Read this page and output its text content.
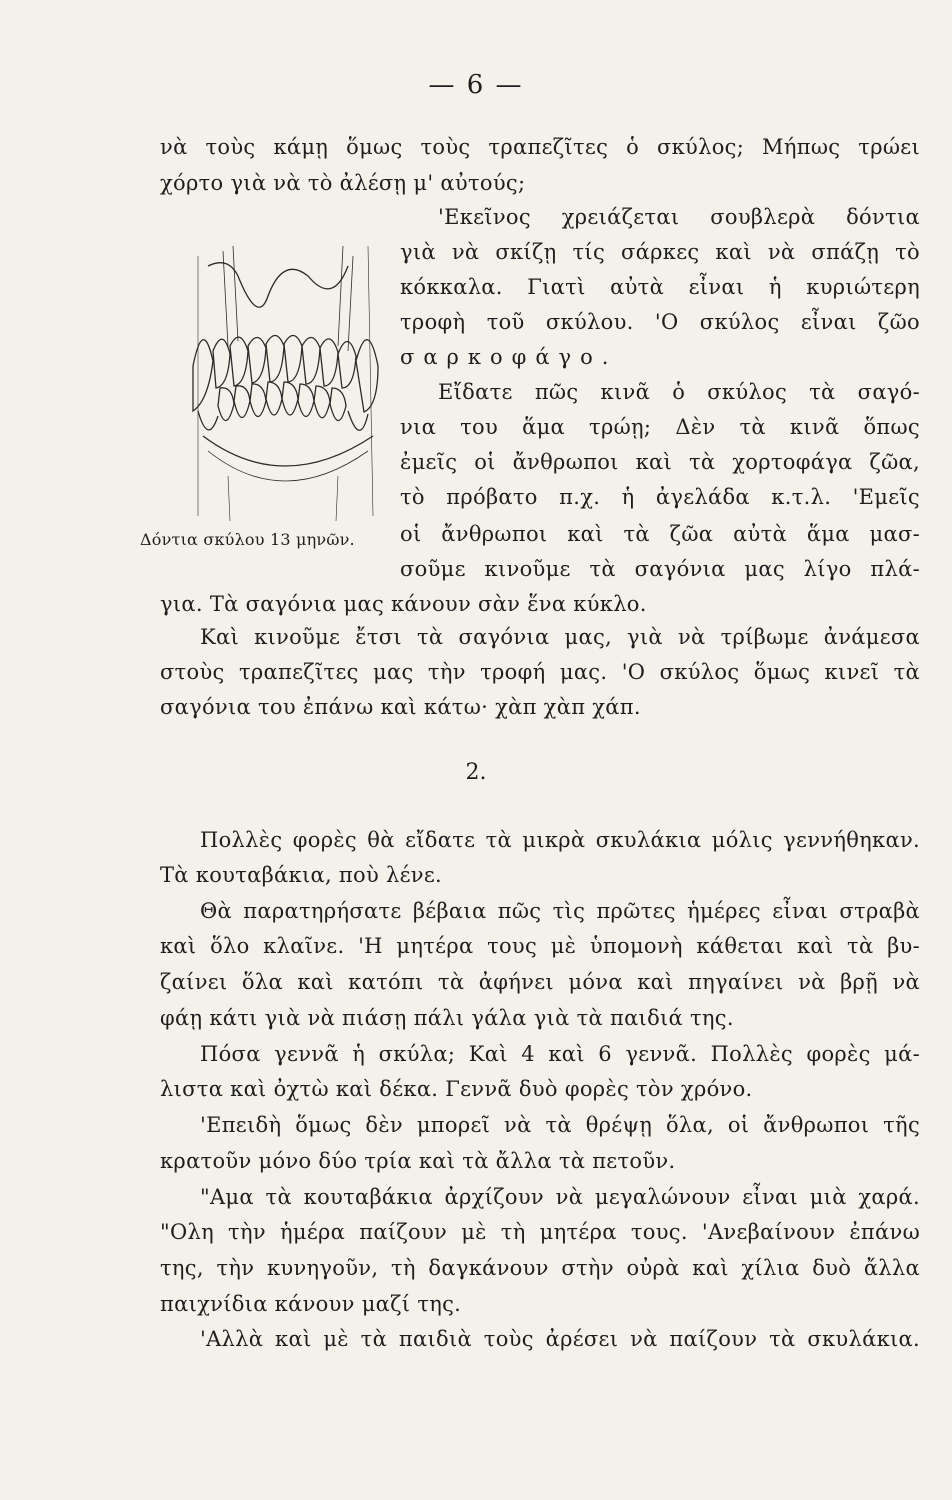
— 6 —
νὰ τοὺς κάμῃ ὅμως τοὺς τραπεζῖτες ὁ σκύλος; Μήπως τρώει
χόρτο γιὰ νὰ τὸ ἀλέσῃ μ' αὐτούς;
'Εκεῖνος χρειάζεται σουβλερὰ δόντια
γιὰ νὰ σκίζῃ τίς σάρκες καὶ νὰ σπάζῃ τὸ
κόκκαλα. Γιατὶ αὐτὰ εἶναι ἡ κυριώτερη
τροφὴ τοῦ σκύλου. 'Ο σκύλος εἶναι ζῶο
σαρκοφάγο.
Εἴδατε πῶς κινᾶ ὁ σκύλος τὰ σαγό-
νια του ἅμα τρώῃ; Δὲν τὰ κινᾶ ὅπως
ἐμεῖς οἱ ἄνθρωποι καὶ τὰ χορτοφάγα ζῶα,
τὸ πρόβατο π.χ. ἡ ἀγελάδα κ.τ.λ. 'Εμεῖς
οἱ ἄνθρωποι καὶ τὰ ζῶα αὐτὰ ἅμα μασ-
σοῦμε κινοῦμε τὰ σαγόνια μας λίγο πλά-
για. Τὰ σαγόνια μας κάνουν σὰν ἕνα κύκλο.
Δόντια σκύλου 13 μηνῶν.
Καὶ κινοῦμε ἔτσι τὰ σαγόνια μας, γιὰ νὰ τρίβωμε ἀνάμεσα
στοὺς τραπεζῖτες μας τὴν τροφή μας. 'Ο σκύλος ὅμως κινεῖ τὰ
σαγόνια του ἐπάνω καὶ κάτω· χὰπ χὰπ χάπ.
2.
Πολλὲς φορὲς θὰ εἴδατε τὰ μικρὰ σκυλάκια μόλις γεννήθηκαν.
Τὰ κουταβάκια, ποὺ λένε.
Θὰ παρατηρήσατε βέβαια πῶς τὶς πρῶτες ἡμέρες εἶναι στραβὰ
καὶ ὅλο κλαῖνε. 'Η μητέρα τους μὲ ὑπομονὴ κάθεται καὶ τὰ βυ-
ζαίνει ὅλα καὶ κατόπι τὰ ἀφήνει μόνα καὶ πηγαίνει νὰ βρῇ νὰ
φάῃ κάτι γιὰ νὰ πιάσῃ πάλι γάλα γιὰ τὰ παιδιά της.
Πόσα γεννᾶ ἡ σκύλα; Καὶ 4 καὶ 6 γεννᾶ. Πολλὲς φορὲς μά-
λιστα καὶ ὀχτὼ καὶ δέκα. Γεννᾶ δυὸ φορὲς τὸν χρόνο.
'Επειδὴ ὅμως δὲν μπορεῖ νὰ τὰ θρέψῃ ὅλα, οἱ ἄνθρωποι τῆς
κρατοῦν μόνο δύο τρία καὶ τὰ ἄλλα τὰ πετοῦν.
"Αμα τὰ κουταβάκια ἀρχίζουν νὰ μεγαλώνουν εἶναι μιὰ χαρά.
"Ολη τὴν ἡμέρα παίζουν μὲ τὴ μητέρα τους. 'Ανεβαίνουν ἐπάνω
της, τὴν κυνηγοῦν, τὴ δαγκάνουν στὴν οὐρὰ καὶ χίλια δυὸ ἄλλα
παιχνίδια κάνουν μαζί της.
'Αλλὰ καὶ μὲ τὰ παιδιὰ τοὺς ἀρέσει νὰ παίζουν τὰ σκυλάκια.
